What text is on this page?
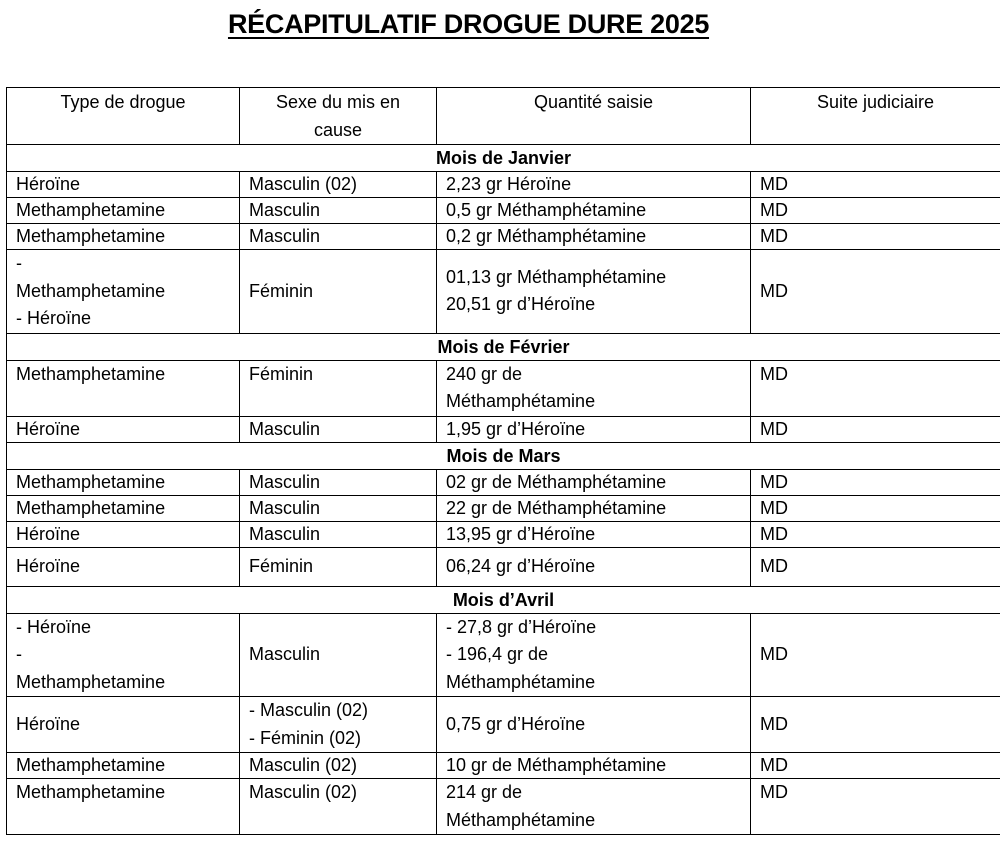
RÉCAPITULATIF DROGUE DURE 2025
Type de drogue	Sexe du mis en
cause	Quantité saisie	Suite judiciaire
Mois de Janvier			

Héroïne	Masculin (02)	2,23 gr Héroïne	MD

Methamphetamine	Masculin	0,5 gr Méthamphétamine	MD

Methamphetamine	Masculin	0,2 gr Méthamphétamine	MD

-
Methamphetamine
- Héroïne	Féminin	01,13 gr Méthamphétamine
20,51 gr d’Héroïne	MD
Mois de Février			

Methamphetamine	Féminin	240 gr de
Méthamphétamine	MD

Héroïne	Masculin	1,95 gr d’Héroïne	MD
Mois de Mars			

Methamphetamine	Masculin	02 gr de Méthamphétamine	MD

Methamphetamine	Masculin	22 gr de Méthamphétamine	MD

Héroïne	Masculin	13,95 gr d’Héroïne	MD

Héroïne	Féminin	06,24 gr d’Héroïne	MD
Mois d’Avril			

- Héroïne
-
Methamphetamine	Masculin	- 27,8 gr d’Héroïne
- 196,4 gr de
Méthamphétamine	MD

Héroïne	- Masculin (02)
- Féminin (02)	0,75 gr d’Héroïne	MD

Methamphetamine	Masculin (02)	10 gr de Méthamphétamine	MD

Methamphetamine	Masculin (02)	214 gr de
Méthamphétamine	MD
